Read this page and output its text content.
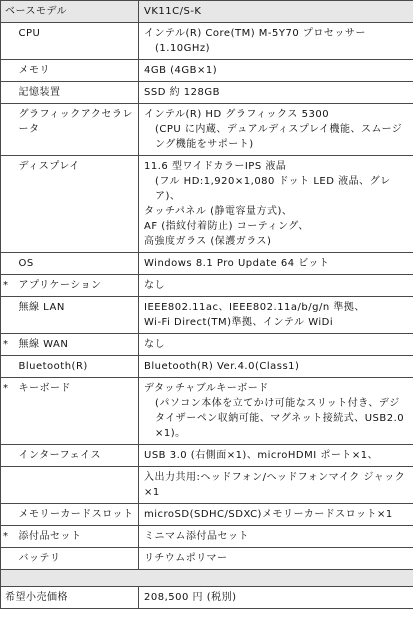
ベースモデル		VK11C/S-K
	CPU	インテル(R) Core(TM) M-5Y70 プロセッサー
(1.10GHz)

	メモリ	4GB (4GB×1)

	記憶装置	SSD 約 128GB

	グラフィックアクセラレータ	インテル(R) HD グラフィックス 5300
(CPU に内蔵、デュアルディスプレイ機能、スムージング機能をサポート)

	ディスプレイ	11.6 型ワイドカラーIPS 液晶
(フル HD:1,920×1,080 ドット LED 液晶、グレア)、
タッチパネル (静電容量方式)、
AF (指紋付着防止) コーティング、
高強度ガラス (保護ガラス)

	OS	Windows 8.1 Pro Update 64 ビット

*	アプリケーション	なし

	無線 LAN	IEEE802.11ac、IEEE802.11a/b/g/n 準拠、
Wi-Fi Direct(TM)準拠、インテル WiDi

*	無線 WAN	なし

	Bluetooth(R)	Bluetooth(R) Ver.4.0(Class1)

*	キーボード	デタッチャブルキーボード
(パソコン本体を立てかけ可能なスリット付き、デジタイザーペン収納可能、マグネット接続式、USB2.0×1)。

	インターフェイス	USB 3.0 (右側面×1)、microHDMI ポート×1、

		入出力共用:ヘッドフォン/ヘッドフォンマイク ジャック×1

	メモリーカードスロット	microSD(SDHC/SDXC)メモリーカードスロット×1

*	添付品セット	ミニマム添付品セット

	バッテリ	リチウムポリマー

希望小売価格		208,500 円 (税別)
